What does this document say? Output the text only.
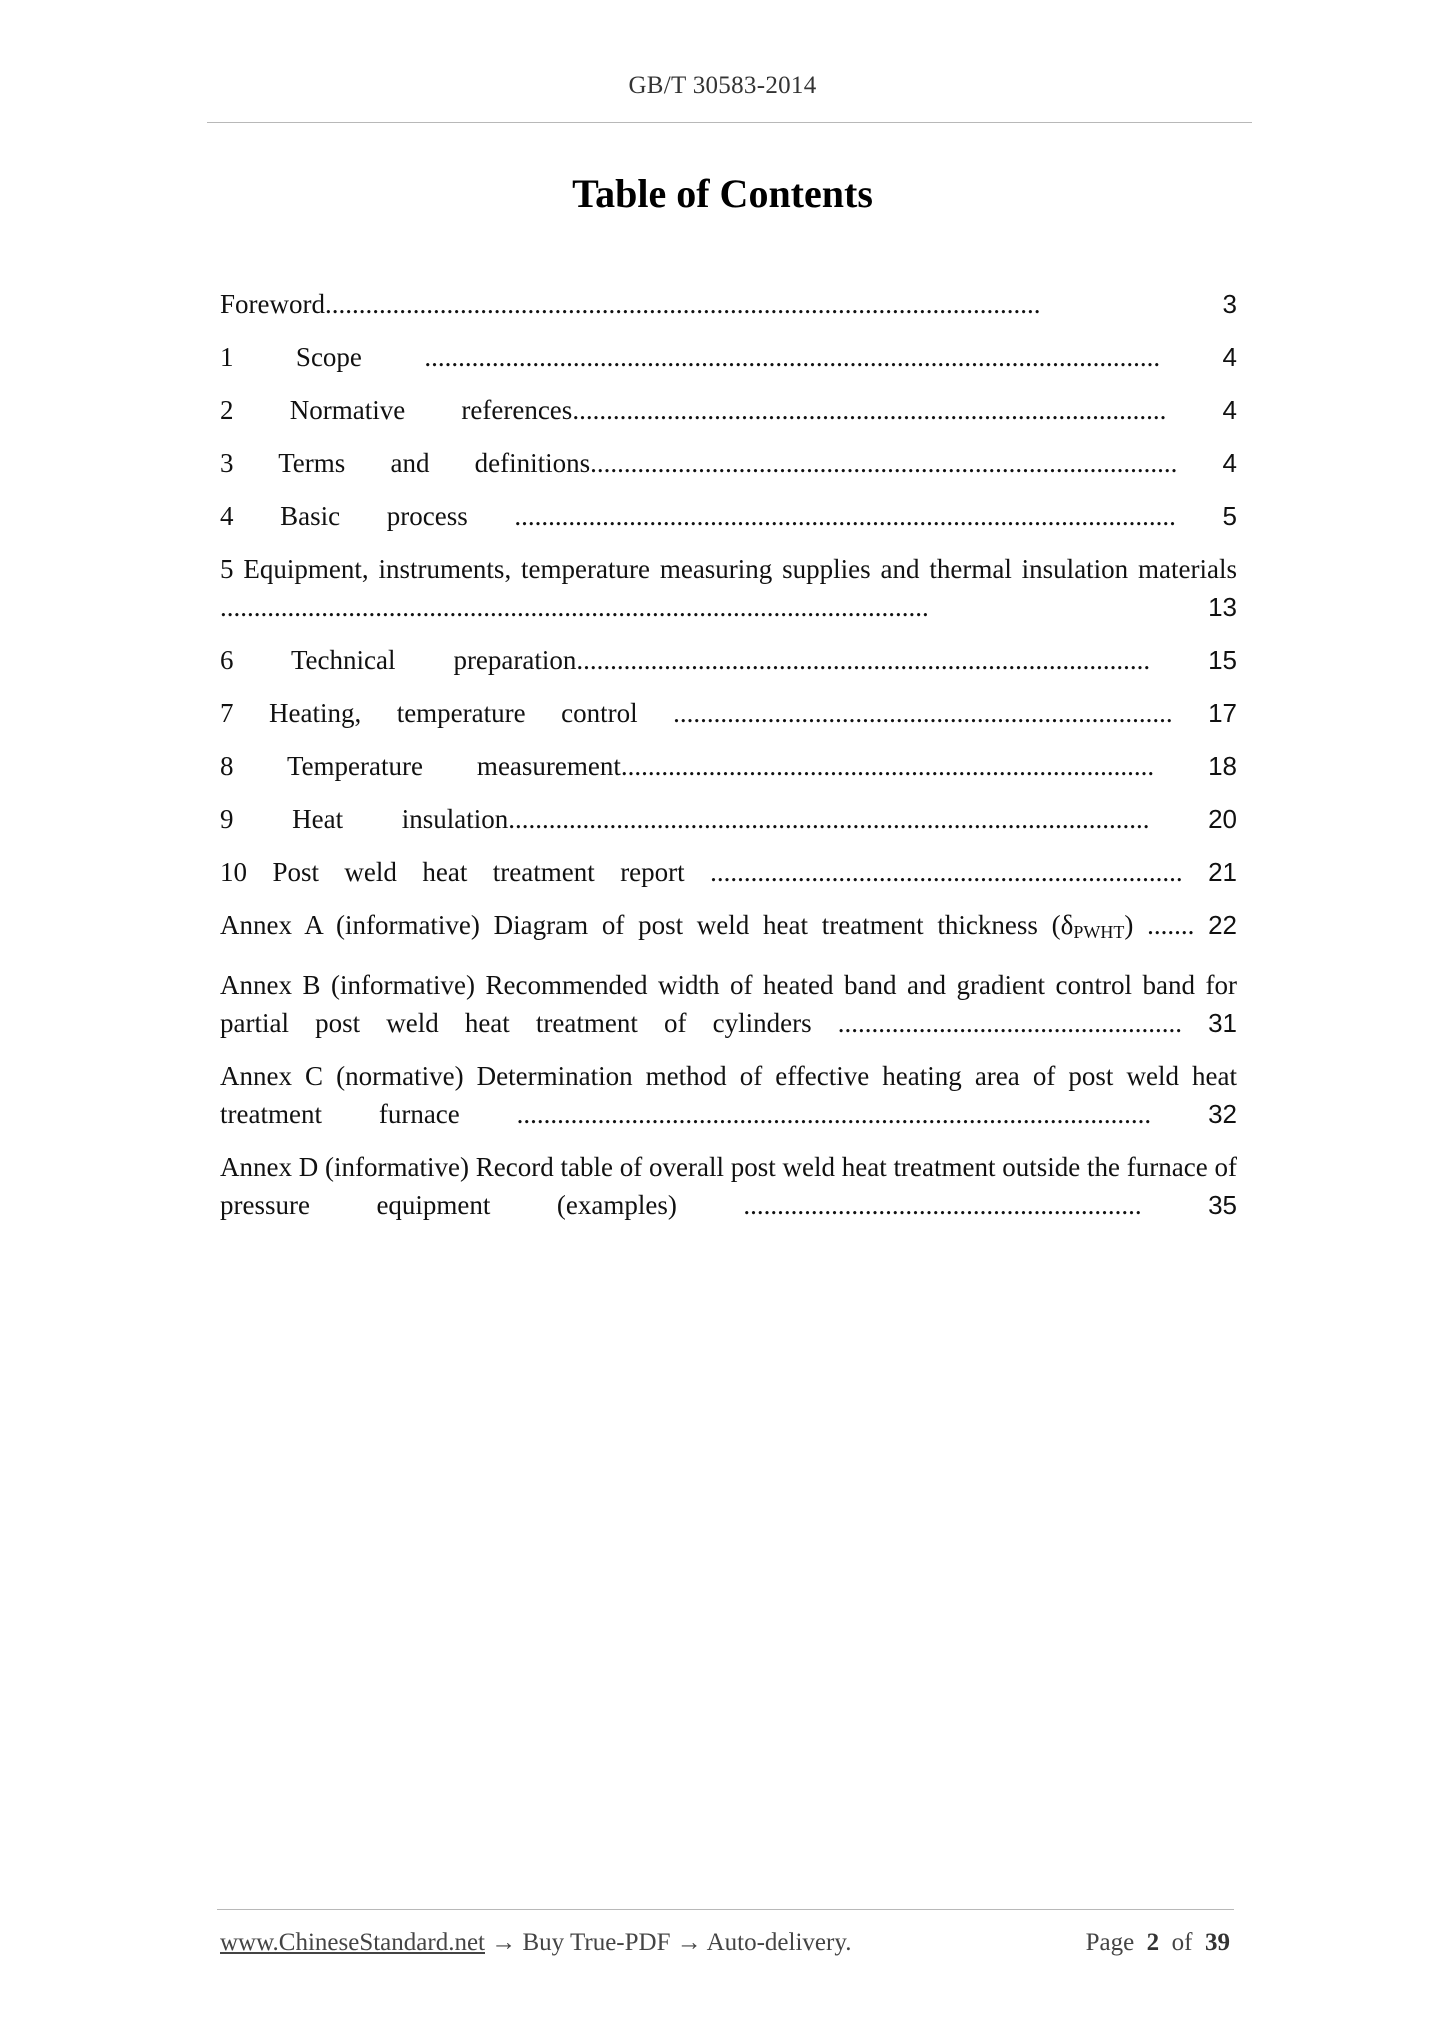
GB/T 30583-2014
Table of Contents
Foreword..........................................................................................................	3
1 Scope ............................................................................................................. 4
2 Normative references........................................................................................ 4
3 Terms and definitions....................................................................................... 4
4 Basic process .................................................................................................. 5
5 Equipment, instruments, temperature measuring supplies and thermal insulation materials .........................................................................................................	13
6 Technical preparation..................................................................................... 15
7 Heating, temperature control .......................................................................... 17
8 Temperature measurement............................................................................... 18
9 Heat insulation............................................................................................... 20
10 Post weld heat treatment report ...................................................................... 21
Annex A (informative) Diagram of post weld heat treatment thickness $(\delta_{PWHT})$ ....... 22
Annex B (informative) Recommended width of heated band and gradient control band for partial post weld heat treatment of cylinders ................................................... 31
Annex C (normative) Determination method of effective heating area of post weld heat treatment furnace .............................................................................................. 32
Annex D (informative) Record table of overall post weld heat treatment outside the furnace of pressure equipment (examples) ...........................................................	35
www.ChineseStandard.net → Buy True-PDF → Auto-delivery.	Page 2 of 39
